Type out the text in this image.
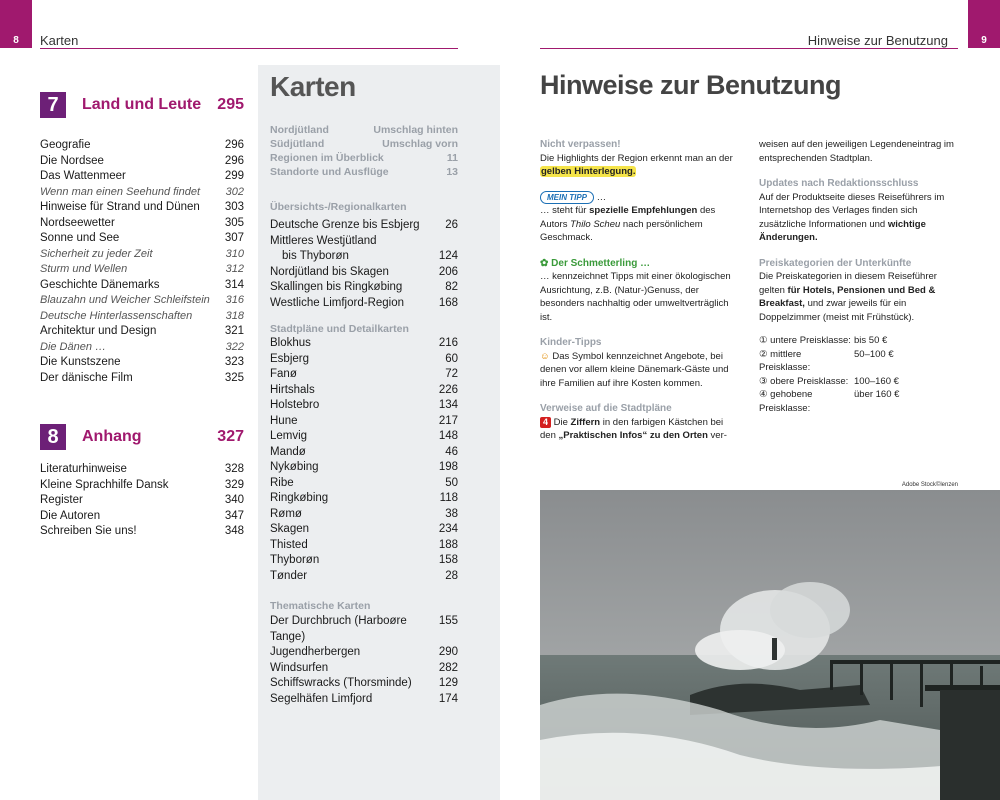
8 Karten
7	Land und Leute	295
Geografie	296
Die Nordsee	296
Das Wattenmeer	299
Wenn man einen Seehund findet 302
Hinweise für Strand und Dünen 303
Nordseewetter	305
Sonne und See	307
Sicherheit zu jeder Zeit	310
Sturm und Wellen	312
Geschichte Dänemarks	314
Blauzahn und Weicher Schleifstein 316
Deutsche Hinterlassenschaften	318
Architektur und Design	321
Die Dänen …	322
Die Kunstszene	323
Der dänische Film	325
8	Anhang	327
Literaturhinweise	328
Kleine Sprachhilfe Dansk	329
Register	340
Die Autoren	347
Schreiben Sie uns!	348
Karten
Nordjütland	Umschlag hinten
Südjütland	Umschlag vorn
Regionen im Überblick	11
Standorte und Ausflüge	13
Übersichts-/Regionalkarten
Deutsche Grenze bis Esbjerg 26
Mittleres Westjütland
bis Thyborøn	124
Nordjütland bis Skagen	206
Skallingen bis Ringkøbing	82
Westliche Limfjord-Region	168
Stadtpläne und Detailkarten
Blokhus	216
Esbjerg	60
Fanø	72
Hirtshals	226
Holstebro	134
Hune	217
Lemvig	148
Mandø	46
Nykøbing	198
Ribe	50
Ringkøbing	118
Rømø	38
Skagen	234
Thisted	188
Thyborøn	158
Tønder	28
Thematische Karten
Der Durchbruch (Harboøre Tange)
155
Jugendherbergen	290
Windsurfen	282
Schiffswracks (Thorsminde) 129
Segelhäfen Limfjord	174
9
Hinweise zur Benutzung
Hinweise zur Benutzung
Nicht verpassen!
Die Highlights der Region erkennt man an der
gelben Hinterlegung.
MEIN TIPP …
… steht für spezielle Empfehlungen des Autors Thilo Scheu nach persönlichem Geschmack.
✿ Der Schmetterling …
… kennzeichnet Tipps mit einer ökologischen Ausrichtung, z.B. (Natur-)Genuss, der besonders nachhaltig oder umweltverträglich ist.
Kinder-Tipps
☺ Das Symbol kennzeichnet Angebote, bei denen vor allem kleine Dänemark-Gäste und ihre Familien auf ihre Kosten kommen.
Verweise auf die Stadtpläne
4 Die Ziffern in den farbigen Kästchen bei den „Praktischen Infos“ zu den Orten ver-
weisen auf den jeweiligen Legendeneintrag im entsprechenden Stadtplan.
Updates nach Redaktionsschluss
Auf der Produktseite dieses Reiseführers im Internetshop des Verlages finden sich zusätzliche Informationen und wichtige Änderungen.
Preiskategorien der Unterkünfte
Die Preiskategorien in diesem Reiseführer gelten für Hotels, Pensionen und Bed & Breakfast, und zwar jeweils für ein Doppelzimmer (meist mit Frühstück).
① untere Preisklasse: bis 50 €
② mittlere Preisklasse:
50–100 €
③ obere Preisklasse: 100–160 €
④ gehobene Preisklasse:
über 160 €
Adobe Stock©lenzen
